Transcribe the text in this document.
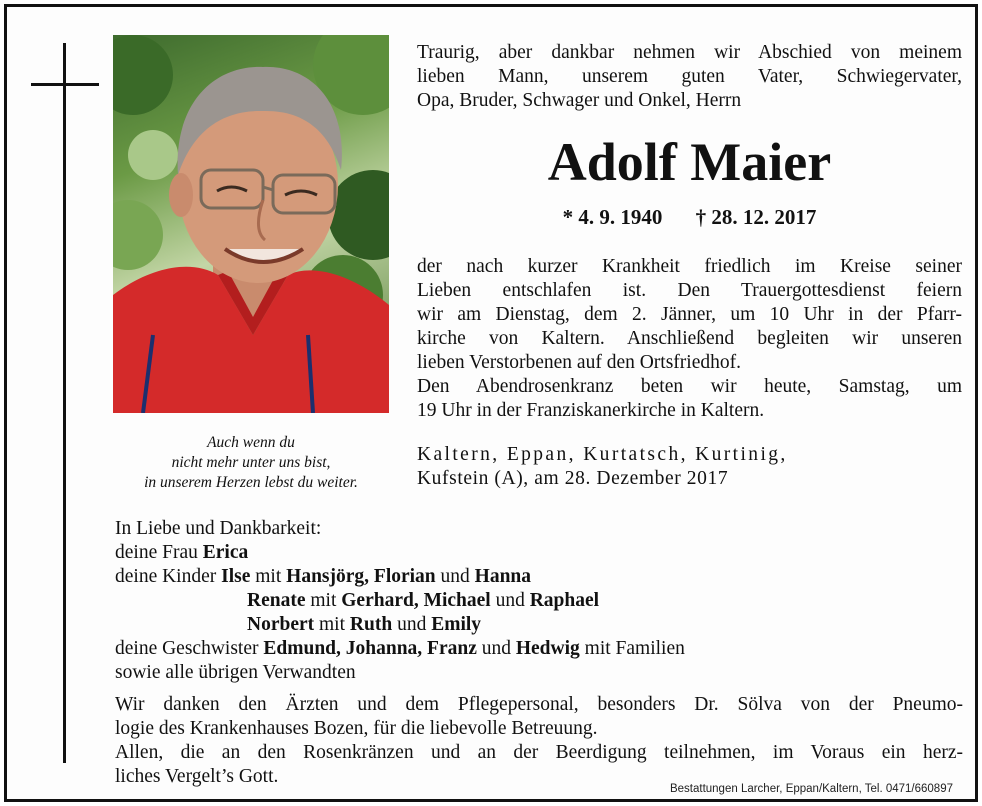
Auch wenn du
nicht mehr unter uns bist,
in unserem Herzen lebst du weiter.
Traurig, aber dankbar nehmen wir Abschied von meinem
lieben Mann, unserem guten Vater, Schwiegervater,
Opa, Bruder, Schwager und Onkel, Herrn
Adolf Maier
* 4. 9. 1940 † 28. 12. 2017
der nach kurzer Krankheit friedlich im Kreise seiner
Lieben entschlafen ist. Den Trauergottesdienst feiern
wir am Dienstag, dem 2. Jänner, um 10 Uhr in der Pfarr-
kirche von Kaltern. Anschließend begleiten wir unseren
lieben Verstorbenen auf den Ortsfriedhof.
Den Abendrosenkranz beten wir heute, Samstag, um
19 Uhr in der Franziskanerkirche in Kaltern.
Kaltern, Eppan, Kurtatsch, Kurtinig,
Kufstein (A), am 28. Dezember 2017
In Liebe und Dankbarkeit:
deine Frau Erica
deine Kinder Ilse mit Hansjörg, Florian und Hanna
Renate mit Gerhard, Michael und Raphael
Norbert mit Ruth und Emily
deine Geschwister Edmund, Johanna, Franz und Hedwig mit Familien
sowie alle übrigen Verwandten
Wir danken den Ärzten und dem Pflegepersonal, besonders Dr. Sölva von der Pneumo-
logie des Krankenhauses Bozen, für die liebevolle Betreuung.
Allen, die an den Rosenkränzen und an der Beerdigung teilnehmen, im Voraus ein herz-
liches Vergelt’s Gott.
Bestattungen Larcher, Eppan/Kaltern, Tel. 0471/660897
